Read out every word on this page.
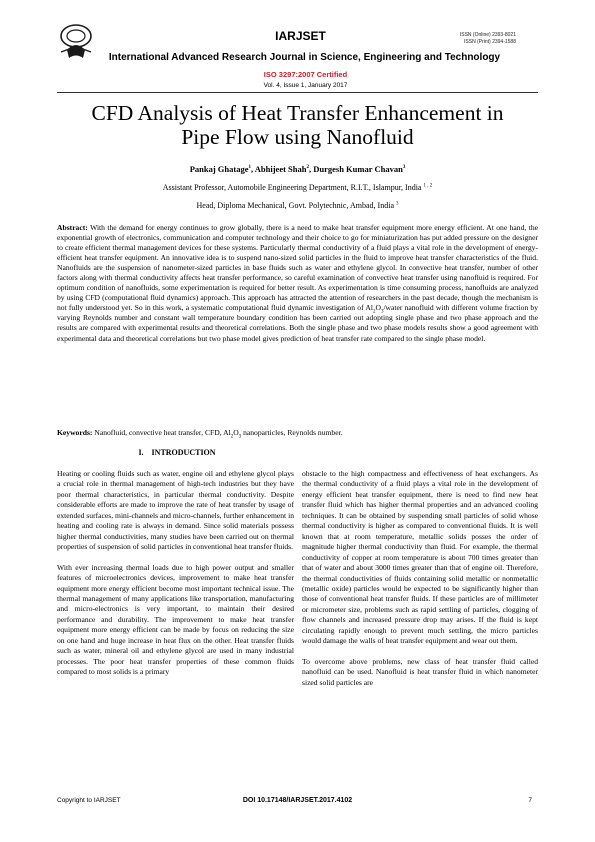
IARJSET	ISSN (Online) 2393-8021
ISSN (Print) 2394-1588
International Advanced Research Journal in Science, Engineering and Technology
ISO 3297:2007 Certified
Vol. 4, Issue 1, January 2017
CFD Analysis of Heat Transfer Enhancement in
Pipe Flow using Nanofluid
Pankaj Ghatage$^1$, Abhijeet Shah$^2$, Durgesh Kumar Chavan$^3$
Assistant Professor, Automobile Engineering Department, R.I.T., Islampur, India $^{1 , 2}$
Head, Diploma Mechanical, Govt. Polytechnic, Ambad, India $^3$
Abstract: With the demand for energy continues to grow globally, there is a need to make heat transfer equipment more energy efficient. At one hand, the exponential growth of electronics, communication and computer technology and their choice to go for miniaturization has put added pressure on the designer to create efficient thermal management devices for these systems. Particularly thermal conductivity of a fluid plays a vital role in the development of energy-efficient heat transfer equipment. An innovative idea is to suspend nano-sized solid particles in the fluid to improve heat transfer characteristics of the fluid. Nanofluids are the suspension of nanometer-sized particles in base fluids such as water and ethylene glycol. In convective heat transfer, number of other factors along with thermal conductivity affects heat transfer performance, so careful examination of convective heat transfer using nanofluid is required. For optimum condition of nanofluids, some experimentation is required for better result. As experimentation is time consuming process, nanofluids are analyzed by using CFD (computational fluid dynamics) approach. This approach has attracted the attention of researchers in the past decade, though the mechanism is not fully understood yet. So in this work, a systematic computational fluid dynamic investigation of $Al_2O_3$/water nanofluid with different volume fraction by varying Reynolds number and constant wall temperature boundary condition has been carried out adopting single phase and two phase approach and the results are compared with experimental results and theoretical correlations. Both the single phase and two phase models results show a good agreement with experimental data and theoretical correlations but two phase model gives prediction of heat transfer rate compared to the single phase model.
Keywords: Nanofluid, convective heat transfer, CFD, $Al_2O_3$ nanoparticles, Reynolds number.
I. INTRODUCTION

Heating or cooling fluids such as water, engine oil and ethylene glycol plays a crucial role in thermal management of high-tech industries but they have poor thermal characteristics, in particular thermal conductivity. Despite considerable efforts are made to improve the rate of heat transfer by usage of extended surfaces, mini-channels and micro-channels, further enhancement in heating and cooling rate is always in demand. Since solid materials possess higher thermal conductivities, many studies have been carried out on thermal properties of suspension of solid particles in conventional heat transfer fluids.

With ever increasing thermal loads due to high power output and smaller features of microelectronics devices, improvement to make heat transfer equipment more energy efficient become most important technical issue. The thermal management of many applications like transportation, manufacturing and micro-electronics is very important, to maintain their desired performance and durability. The improvement to make heat transfer equipment more energy efficient can be made by focus on reducing the size on one hand and huge increase in heat flux on the other. Heat transfer fluids such as water, mineral oil and ethylene glycol are used in many industrial processes. The poor heat transfer properties of these common fluids compared to most solids is a primary

obstacle to the high compactness and effectiveness of heat exchangers. As the thermal conductivity of a fluid plays a vital role in the development of energy efficient heat transfer equipment, there is need to find new heat transfer fluid which has higher thermal properties and an advanced cooling techniques. It can be obtained by suspending small particles of solid whose thermal conductivity is higher as compared to conventional fluids. It is well known that at room temperature, metallic solids posses the order of magnitude higher thermal conductivity than fluid. For example, the thermal conductivity of copper at room temperature is about 700 times greater than that of water and about 3000 times greater than that of engine oil. Therefore, the thermal conductivities of fluids containing solid metallic or nonmetallic (metallic oxide) particles would be expected to be significantly higher than those of conventional heat transfer fluids. If these particles are of millimeter or micrometer size, problems such as rapid settling of particles, clogging of flow channels and increased pressure drop may arises. If the fluid is kept circulating rapidly enough to prevent much settling, the micro particles would damage the walls of heat transfer equipment and wear out them.

To overcome above problems, new class of heat transfer fluid called nanofluid can be used. Nanofluid is heat transfer fluid in which nanometer sized solid particles are

Copyright to IARJSET	DOI 10.17148/IARJSET.2017.4102	7
